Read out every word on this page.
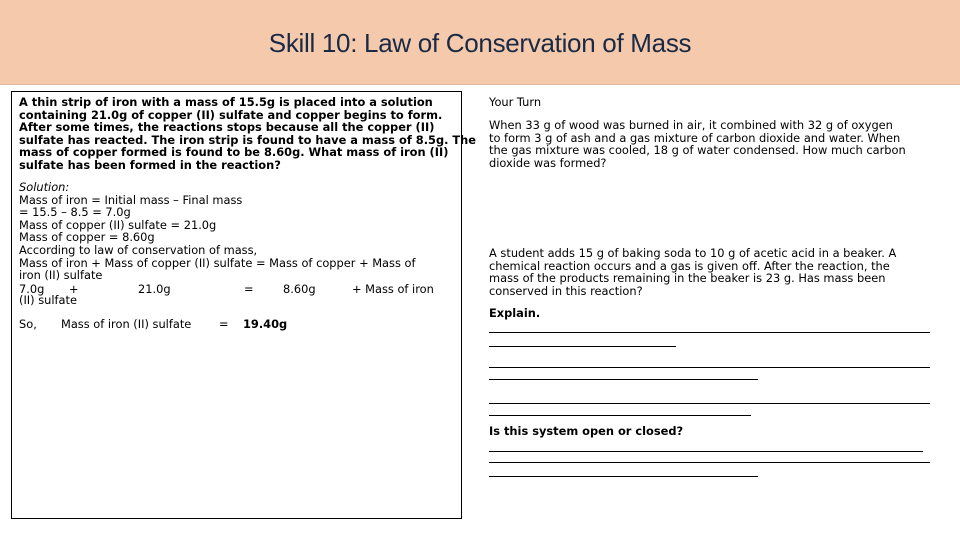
Skill 10: Law of Conservation of Mass
A thin strip of iron with a mass of 15.5g is placed into a solution
containing 21.0g of copper (II) sulfate and copper begins to form.
After some times, the reactions stops because all the copper (II)
sulfate has reacted. The iron strip is found to have a mass of 8.5g. The
mass of copper formed is found to be 8.60g. What mass of iron (II)
sulfate has been formed in the reaction?
Solution:
Mass of iron = Initial mass – Final mass
= 15.5 – 8.5 = 7.0g
Mass of copper (II) sulfate = 21.0g
Mass of copper = 8.60g
According to law of conservation of mass,
Mass of iron + Mass of copper (II) sulfate = Mass of copper + Mass of
iron (II) sulfate
7.0g +	21.0g	=	8.60g	+ Mass of iron
(II) sulfate
So, Mass of iron (II) sulfate = 19.40g
Your Turn
When 33 g of wood was burned in air, it combined with 32 g of oxygen
to form 3 g of ash and a gas mixture of carbon dioxide and water. When
the gas mixture was cooled, 18 g of water condensed. How much carbon
dioxide was formed?
A student adds 15 g of baking soda to 10 g of acetic acid in a beaker. A
chemical reaction occurs and a gas is given off. After the reaction, the
mass of the products remaining in the beaker is 23 g. Has mass been
conserved in this reaction?
Explain.
Is this system open or closed?
